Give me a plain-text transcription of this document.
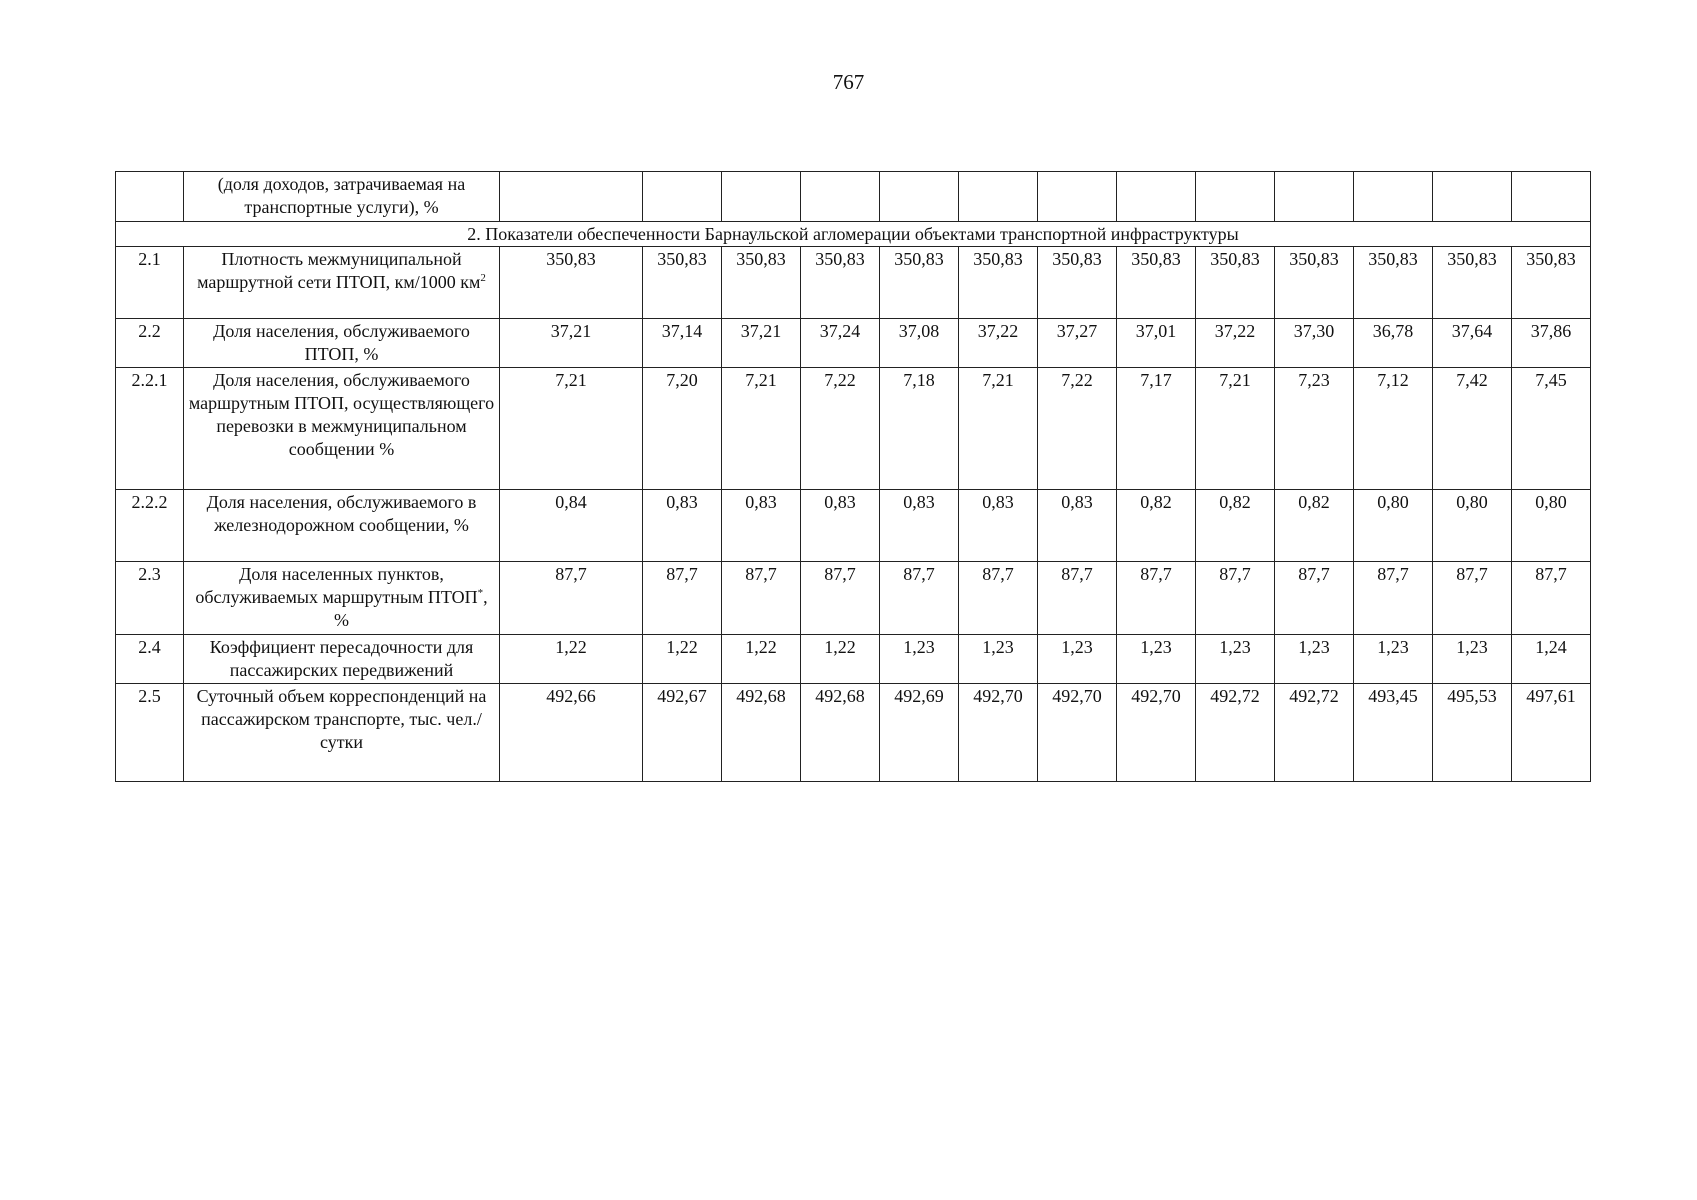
767
	(доля доходов, затрачиваемая на транспортные услуги), %													
2. Показатели обеспеченности Барнаульской агломерации объектами транспортной инфраструктуры														
2.1	Плотность межмуниципальной маршрутной сети ПТОП, км/1000 $км^2$	350,83	350,83	350,83	350,83	350,83	350,83	350,83	350,83	350,83	350,83	350,83	350,83	350,83
2.2	Доля населения, обслуживаемого ПТОП, %	37,21	37,14	37,21	37,24	37,08	37,22	37,27	37,01	37,22	37,30	36,78	37,64	37,86
2.2.1	Доля населения, обслуживаемого маршрутным ПТОП, осуществляющего перевозки в межмуниципальном сообщении %	7,21	7,20	7,21	7,22	7,18	7,21	7,22	7,17	7,21	7,23	7,12	7,42	7,45
2.2.2	Доля населения, обслуживаемого в железнодорожном сообщении, %	0,84	0,83	0,83	0,83	0,83	0,83	0,83	0,82	0,82	0,82	0,80	0,80	0,80
2.3	Доля населенных пунктов, обслуживаемых маршрутным ПТОП*, %	87,7	87,7	87,7	87,7	87,7	87,7	87,7	87,7	87,7	87,7	87,7	87,7	87,7
2.4	Коэффициент пересадочности для пассажирских передвижений	1,22	1,22	1,22	1,22	1,23	1,23	1,23	1,23	1,23	1,23	1,23	1,23	1,24
2.5	Суточный объем корреспонденций на пассажирском транспорте, тыс. чел./сутки	492,66	492,67	492,68	492,68	492,69	492,70	492,70	492,70	492,72	492,72	493,45	495,53	497,61
